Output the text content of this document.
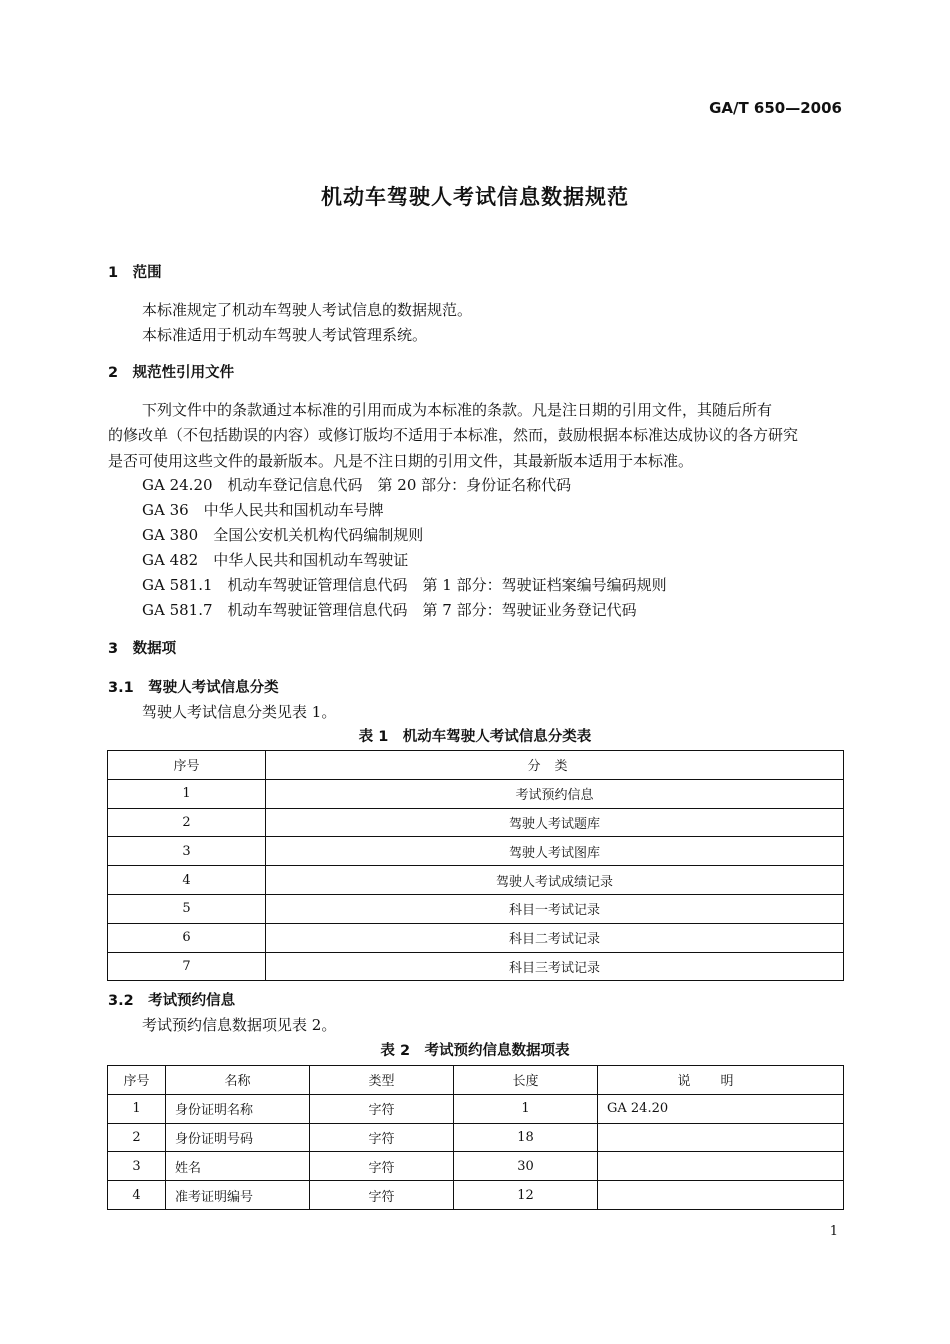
GA/T 650—2006
机动车驾驶人考试信息数据规范
1　范围
本标准规定了机动车驾驶人考试信息的数据规范。
本标准适用于机动车驾驶人考试管理系统。
2　规范性引用文件
下列文件中的条款通过本标准的引用而成为本标准的条款。凡是注日期的引用文件，其随后所有
的修改单（不包括勘误的内容）或修订版均不适用于本标准，然而，鼓励根据本标准达成协议的各方研究
是否可使用这些文件的最新版本。凡是不注日期的引用文件，其最新版本适用于本标准。
GA 24.20　机动车登记信息代码　第 20 部分：身份证名称代码
GA 36　中华人民共和国机动车号牌
GA 380　全国公安机关机构代码编制规则
GA 482　中华人民共和国机动车驾驶证
GA 581.1　机动车驾驶证管理信息代码　第 1 部分：驾驶证档案编号编码规则
GA 581.7　机动车驾驶证管理信息代码　第 7 部分：驾驶证业务登记代码
3　数据项
3.1　驾驶人考试信息分类
驾驶人考试信息分类见表 1。
表 1　机动车驾驶人考试信息分类表
序号	分类
1	考试预约信息
2	驾驶人考试题库
3	驾驶人考试图库
4	驾驶人考试成绩记录
5	科目一考试记录
6	科目二考试记录
7	科目三考试记录
3.2　考试预约信息
考试预约信息数据项见表 2。
表 2　考试预约信息数据项表
序号	名称	类型	长度	说明
1	身份证明名称	字符	1	GA 24.20
2	身份证明号码	字符	18	
3	姓名	字符	30	
4	准考证明编号	字符	12	
1
